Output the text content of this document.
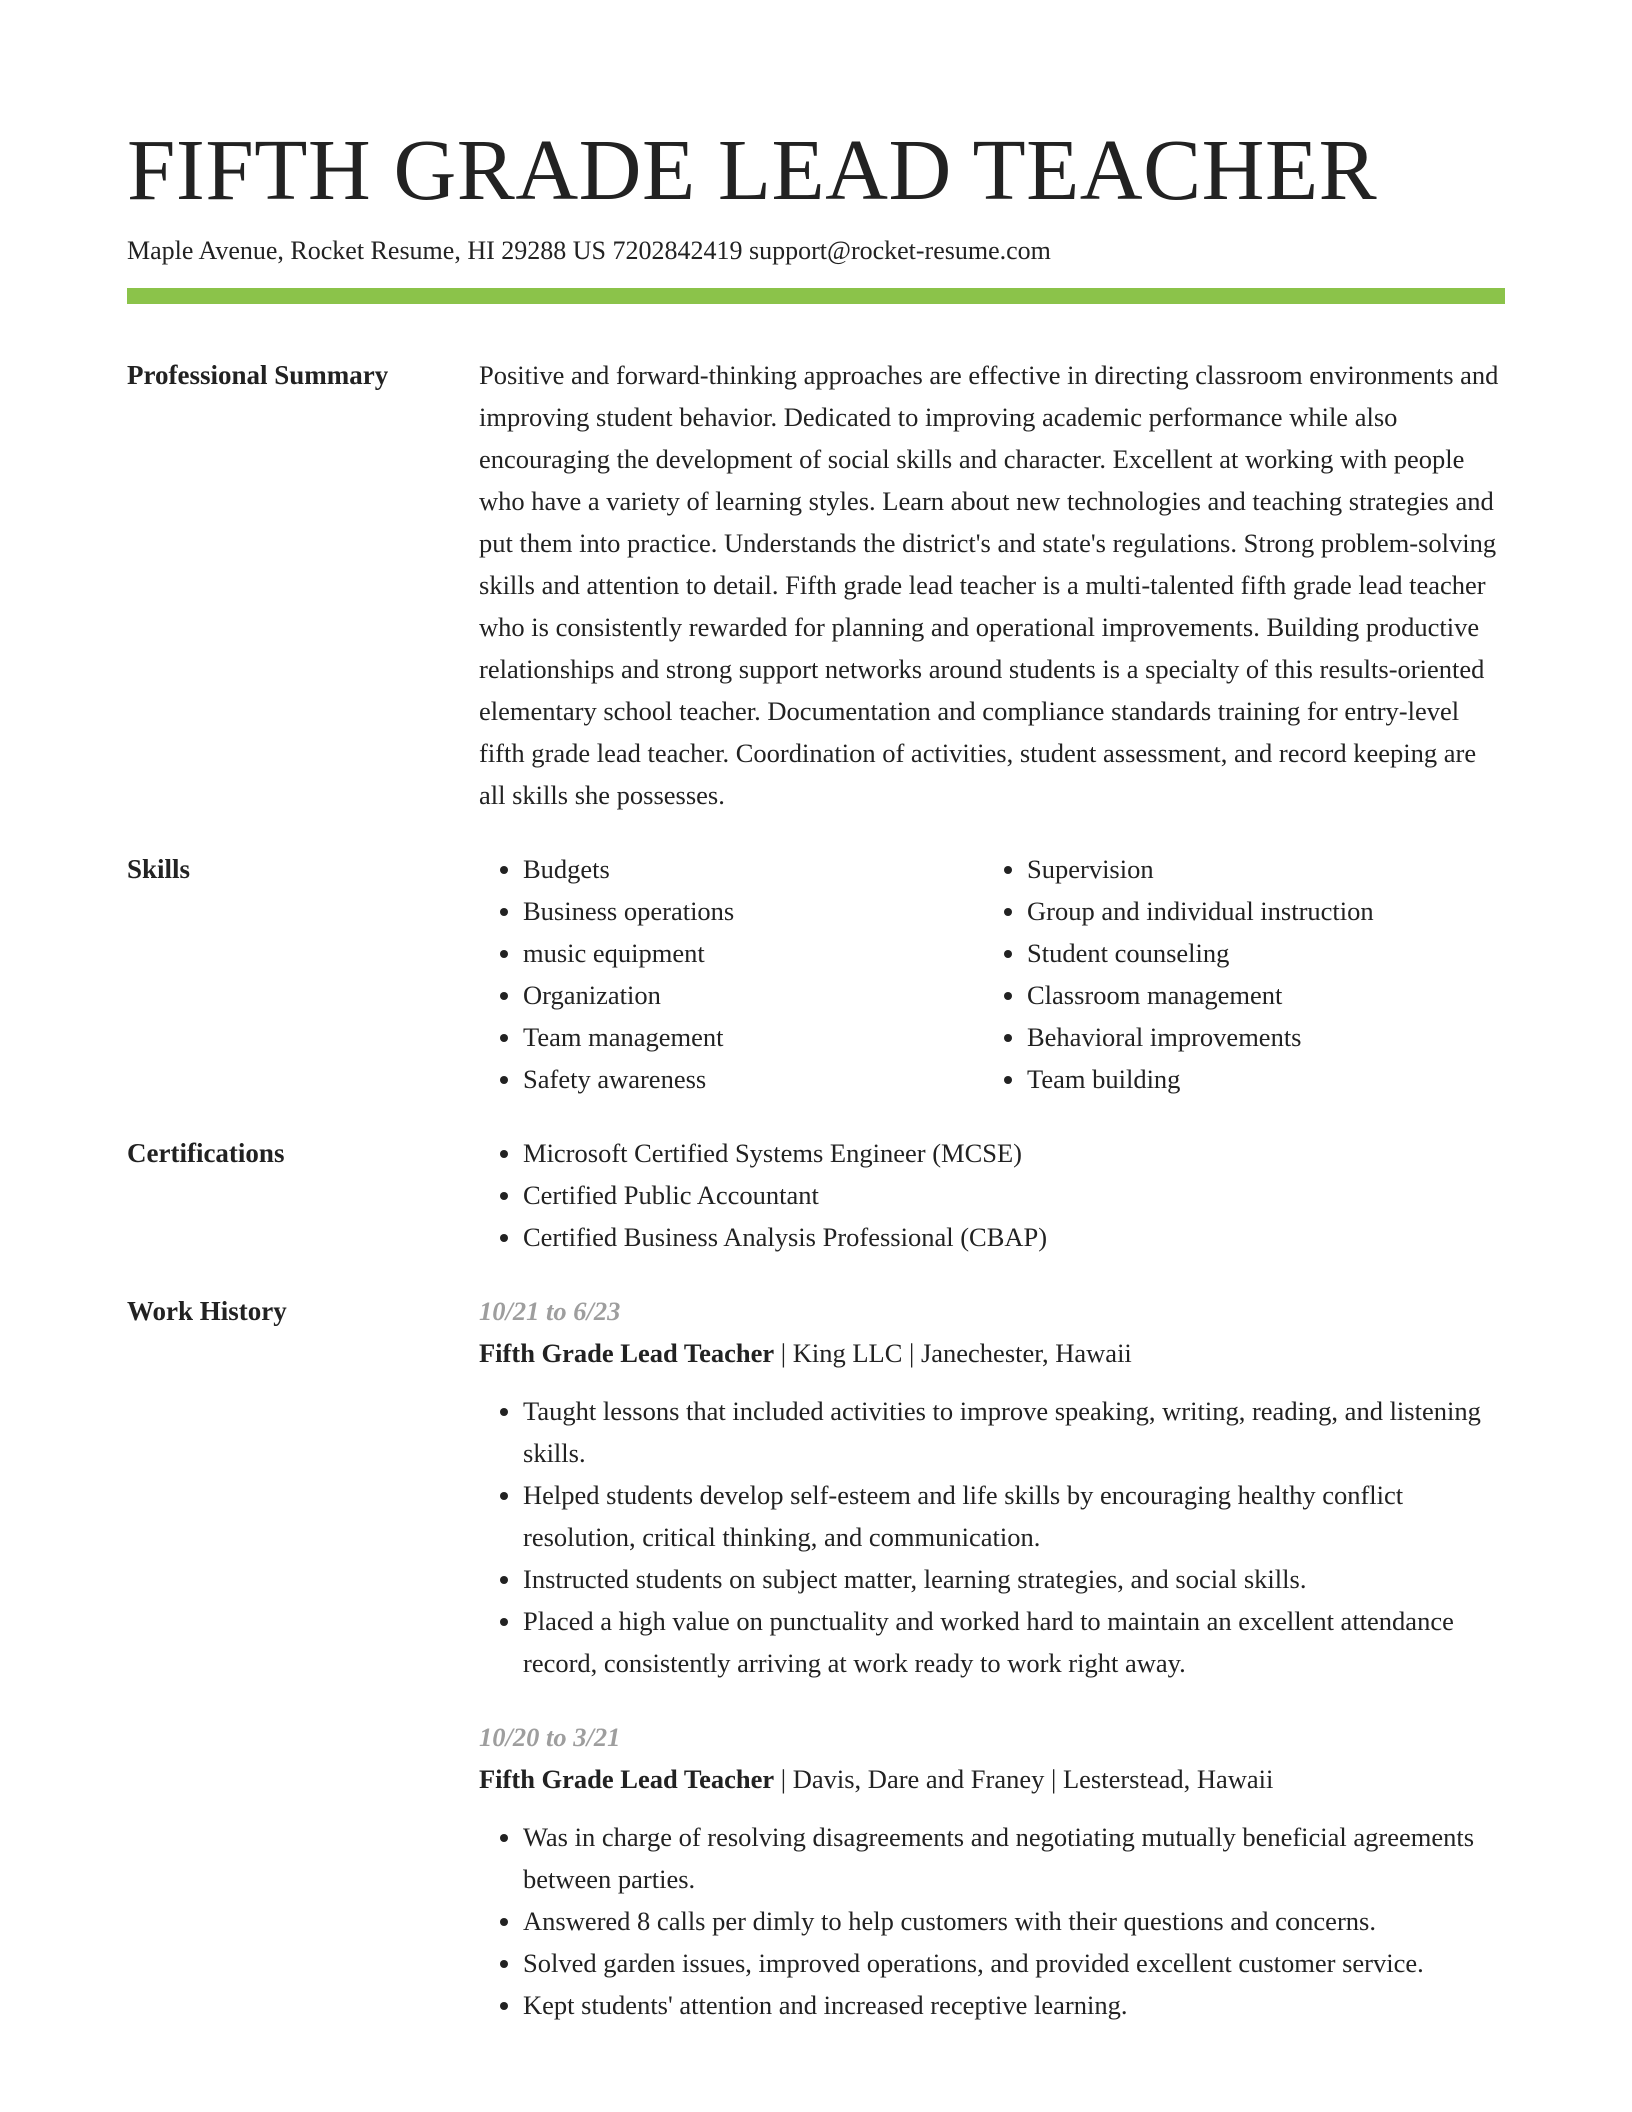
FIFTH GRADE LEAD TEACHER
Maple Avenue, Rocket Resume, HI 29288 US 7202842419 support@rocket-resume.com
Professional Summary	Positive and forward-thinking approaches are effective in directing classroom environments and improving student behavior. Dedicated to improving academic performance while also encouraging the development of social skills and character. Excellent at working with people who have a variety of learning styles. Learn about new technologies and teaching strategies and put them into practice. Understands the district's and state's regulations. Strong problem-solving skills and attention to detail. Fifth grade lead teacher is a multi-talented fifth grade lead teacher who is consistently rewarded for planning and operational improvements. Building productive relationships and strong support networks around students is a specialty of this results-oriented elementary school teacher. Documentation and compliance standards training for entry-level fifth grade lead teacher. Coordination of activities, student assessment, and record keeping are all skills she possesses.

Skills	• Budgets
• Business operations
• music equipment
• Organization
• Team management
• Safety awareness
• Supervision
• Group and individual instruction
• Student counseling
• Classroom management
• Behavioral improvements
• Team building
Certifications	• Microsoft Certified Systems Engineer (MCSE)
• Certified Public Accountant
• Certified Business Analysis Professional (CBAP)
Work History	10/21 to 6/23
Fifth Grade Lead Teacher | King LLC | Janechester, Hawaii
• Taught lessons that included activities to improve speaking, writing, reading, and listening skills.
• Helped students develop self-esteem and life skills by encouraging healthy conflict resolution, critical thinking, and communication.
• Instructed students on subject matter, learning strategies, and social skills.
• Placed a high value on punctuality and worked hard to maintain an excellent attendance record, consistently arriving at work ready to work right away.
10/20 to 3/21
Fifth Grade Lead Teacher | Davis, Dare and Franey | Lesterstead, Hawaii
• Was in charge of resolving disagreements and negotiating mutually beneficial agreements between parties.
• Answered 8 calls per dimly to help customers with their questions and concerns.
• Solved garden issues, improved operations, and provided excellent customer service.
• Kept students' attention and increased receptive learning.
